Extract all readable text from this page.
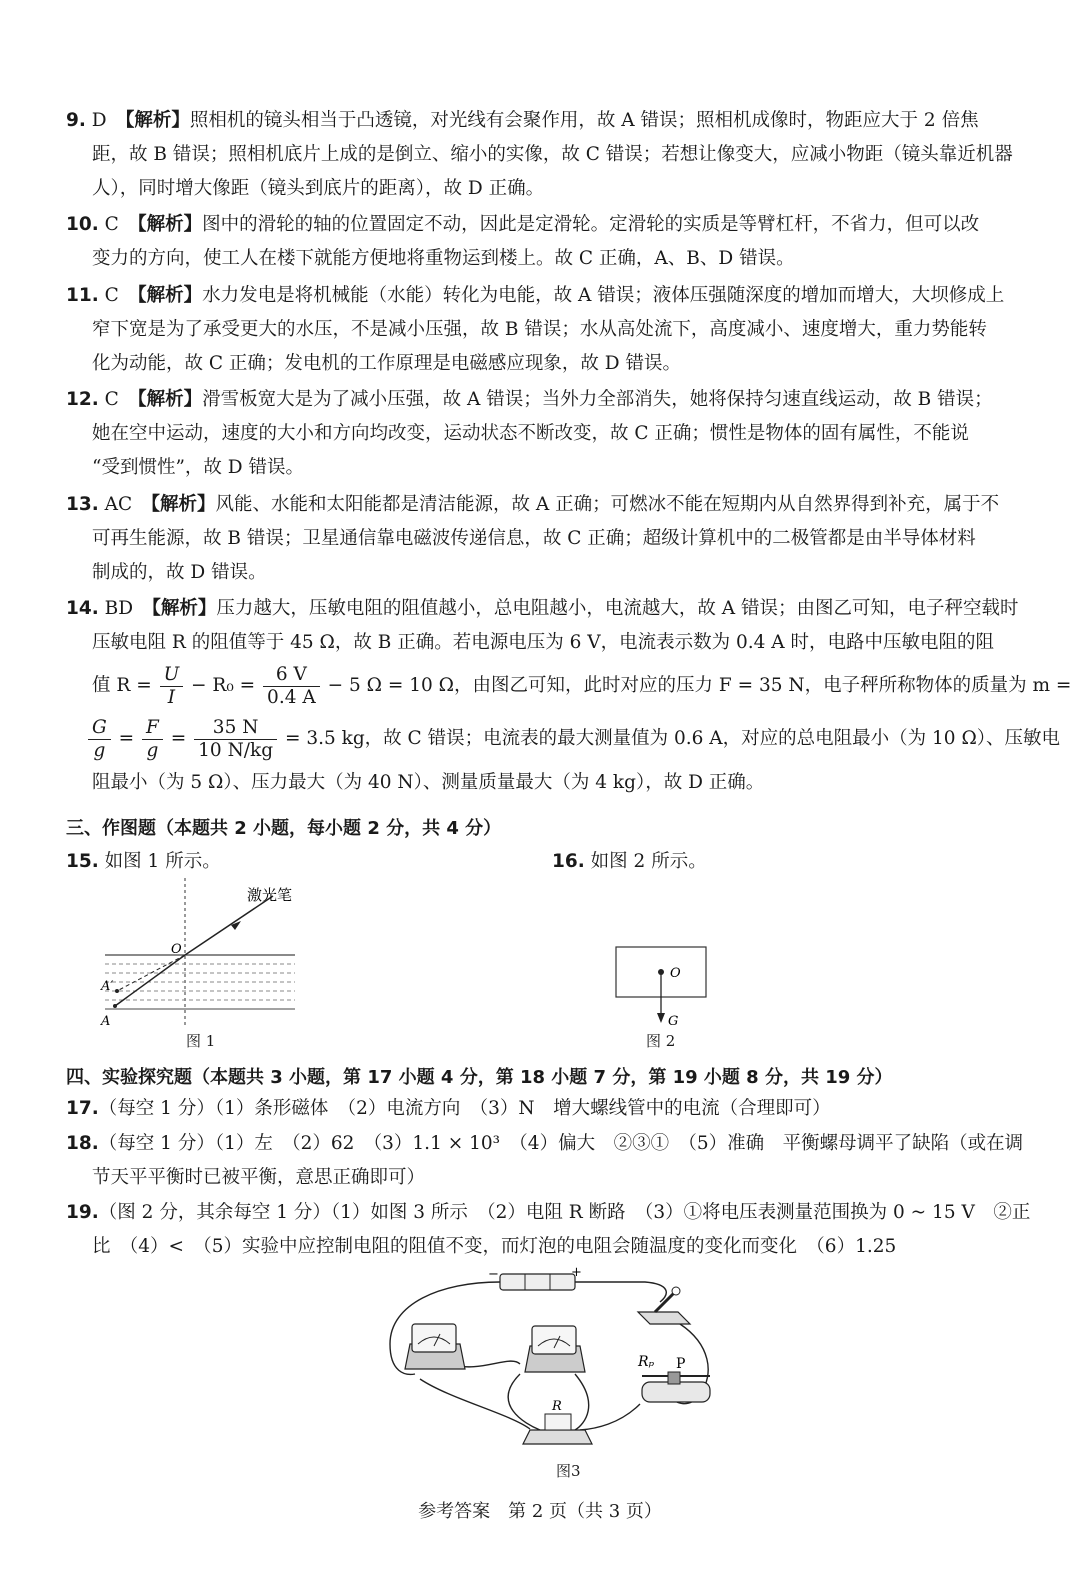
9. D　 【解析】照相机的镜头相当于凸透镜，对光线有会聚作用，故 A 错误；照相机成像时，物距应大于 2 倍焦
距，故 B 错误；照相机底片上成的是倒立、缩小的实像，故 C 错误；若想让像变大，应减小物距（镜头靠近机器
人），同时增大像距（镜头到底片的距离），故 D 正确。
10. C　 【解析】图中的滑轮的轴的位置固定不动，因此是定滑轮。定滑轮的实质是等臂杠杆，不省力，但可以改
变力的方向，使工人在楼下就能方便地将重物运到楼上。故 C 正确，A、B、D 错误。
11. C　 【解析】水力发电是将机械能（水能）转化为电能，故 A 错误；液体压强随深度的增加而增大，大坝修成上
窄下宽是为了承受更大的水压，不是减小压强，故 B 错误；水从高处流下，高度减小、速度增大，重力势能转
化为动能，故 C 正确；发电机的工作原理是电磁感应现象，故 D 错误。
12. C　 【解析】滑雪板宽大是为了减小压强，故 A 错误；当外力全部消失，她将保持匀速直线运动，故 B 错误；
她在空中运动，速度的大小和方向均改变，运动状态不断改变，故 C 正确；惯性是物体的固有属性，不能说
“受到惯性”，故 D 错误。
13. AC　 【解析】风能、水能和太阳能都是清洁能源，故 A 正确；可燃冰不能在短期内从自然界得到补充，属于不
可再生能源，故 B 错误；卫星通信靠电磁波传递信息，故 C 正确；超级计算机中的二极管都是由半导体材料
制成的，故 D 错误。
14. BD　 【解析】压力越大，压敏电阻的阻值越小，总电阻越小，电流越大，故 A 错误；由图乙可知，电子秤空载时
压敏电阻 R 的阻值等于 45 Ω，故 B 正确。若电源电压为 6 V，电流表示数为 0.4 A 时，电路中压敏电阻的阻
值 $R = \frac{U}{I} - R_0 = \frac{6 V}{0.4 A} - 5$ Ω = 10 Ω，由图乙可知，此时对应的压力 F = 35 N，电子秤所称物体的质量为 m =
$\frac{G}{g} = \frac{F}{g} = \frac{35 N}{10 N/kg} = 3.5$ kg，故 C 错误；电流表的最大测量值为 0.6 A，对应的总电阻最小（为 10 Ω）、压敏电
阻最小（为 5 Ω）、压力最大（为 40 N）、测量质量最大（为 4 kg），故 D 正确。
三、作图题（本题共 2 小题，每小题 2 分，共 4 分）
15. 如图 1 所示。	16. 如图 2 所示。
激光笔
O
A′
A
图 1
O
G
图 2
四、实验探究题（本题共 3 小题，第 17 小题 4 分，第 18 小题 7 分，第 19 小题 8 分，共 19 分）
17.（每空 1 分）（1）条形磁体　（2）电流方向　（3）N　增大螺线管中的电流（合理即可）
18.（每空 1 分）（1）左　（2）62　（3）1.1 × 10³　（4）偏大　②③①　（5）准确　平衡螺母调平了缺陷（或在调
节天平平衡时已被平衡，意思正确即可）
19.（图 2 分，其余每空 1 分）（1）如图 3 所示　（2）电阻 R 断路　（3）①将电压表测量范围换为 0 ~ 15 V　②正
比　（4）<　（5）实验中应控制电阻的阻值不变，而灯泡的电阻会随温度的变化而变化　（6）1.25
−	+
Rₚ P
R
图3
参考答案　第 2 页（共 3 页）
